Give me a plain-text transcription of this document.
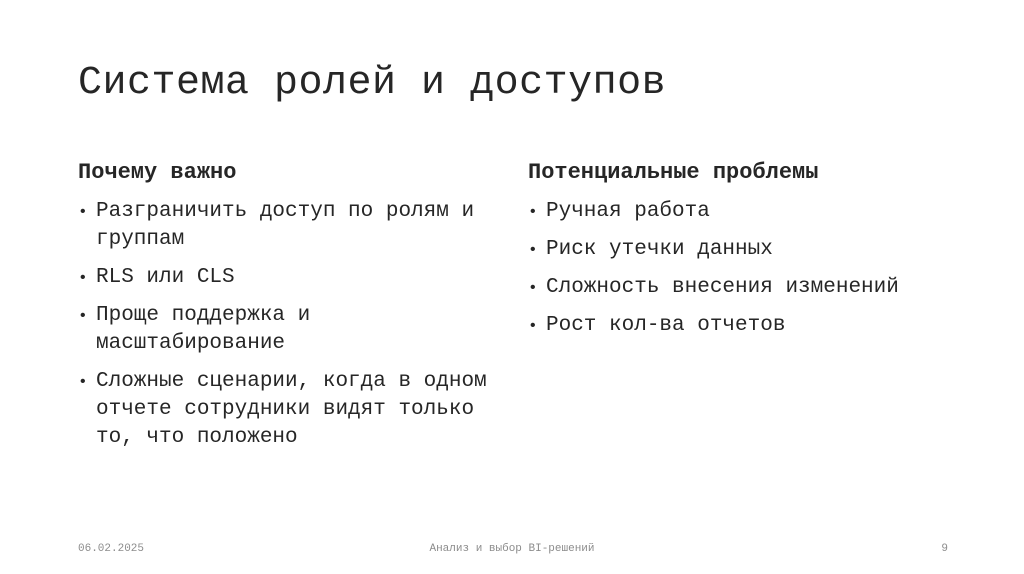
Система ролей и доступов
Почему важно
• Разграничить доступ по ролям и группам
• RLS или CLS
• Проще поддержка и масштабирование
• Сложные сценарии, когда в одном отчете сотрудники видят только то, что положено
Потенциальные проблемы
• Ручная работа
• Риск утечки данных
• Сложность внесения изменений
• Рост кол-ва отчетов
06.02.2025	Анализ и выбор BI-решений	9
